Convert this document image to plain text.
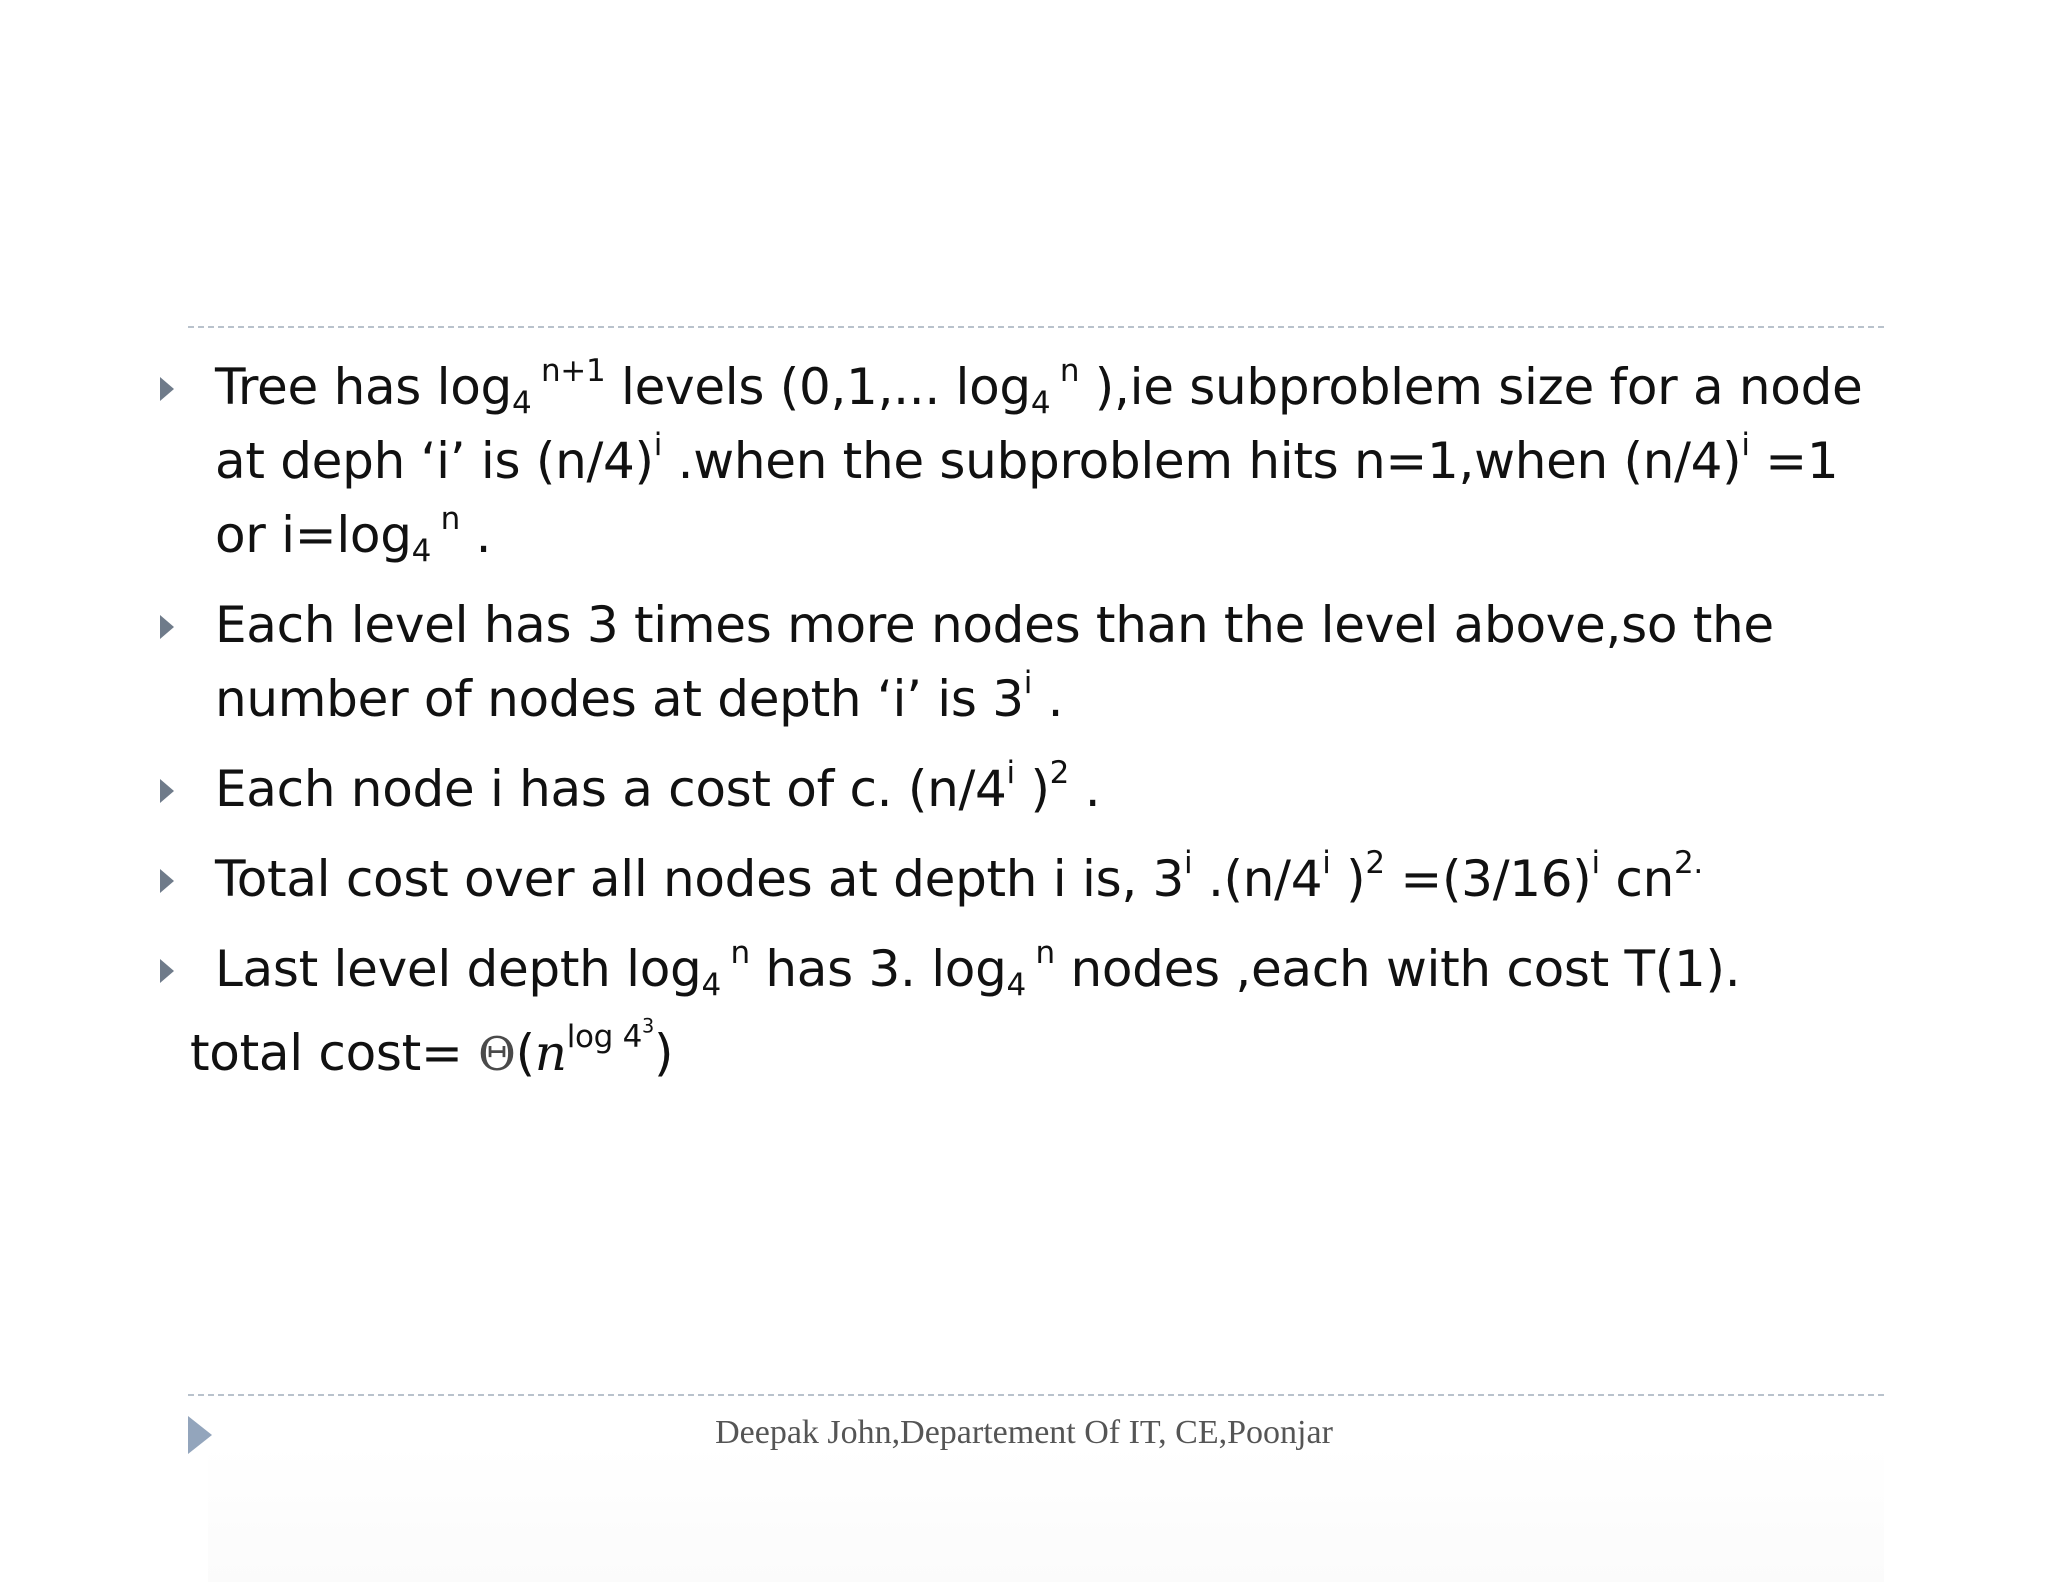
Tree has $\log_4 ^{n+1}$ levels (0,1,... $\log_4 ^n$ ),ie subproblem size for a node
at deph ‘i’ is $(n/4)^i$ .when the subproblem hits n=1,when $(n/4)^i =1$
or $i=\log_4$ $^n$ .
Each level has 3 times more nodes than the level above,so the
number of nodes at depth ‘i’ is 3$^i$ .
Each node i has a cost of c. (n/4$^i$ )$^2$ .
Total cost over all nodes at depth i is, 3$^i$ .(n/4$^i$ )$^2 =(3/16)^i$ $cn^{2.}$
Last level depth $\log_4 ^n$ has 3. $\log_4 ^n$ nodes ,each with cost T(1).
total $\cos t= \Theta(n^{log 4^3})$
Deepak John,Departement Of IT, CE,Poonjar
